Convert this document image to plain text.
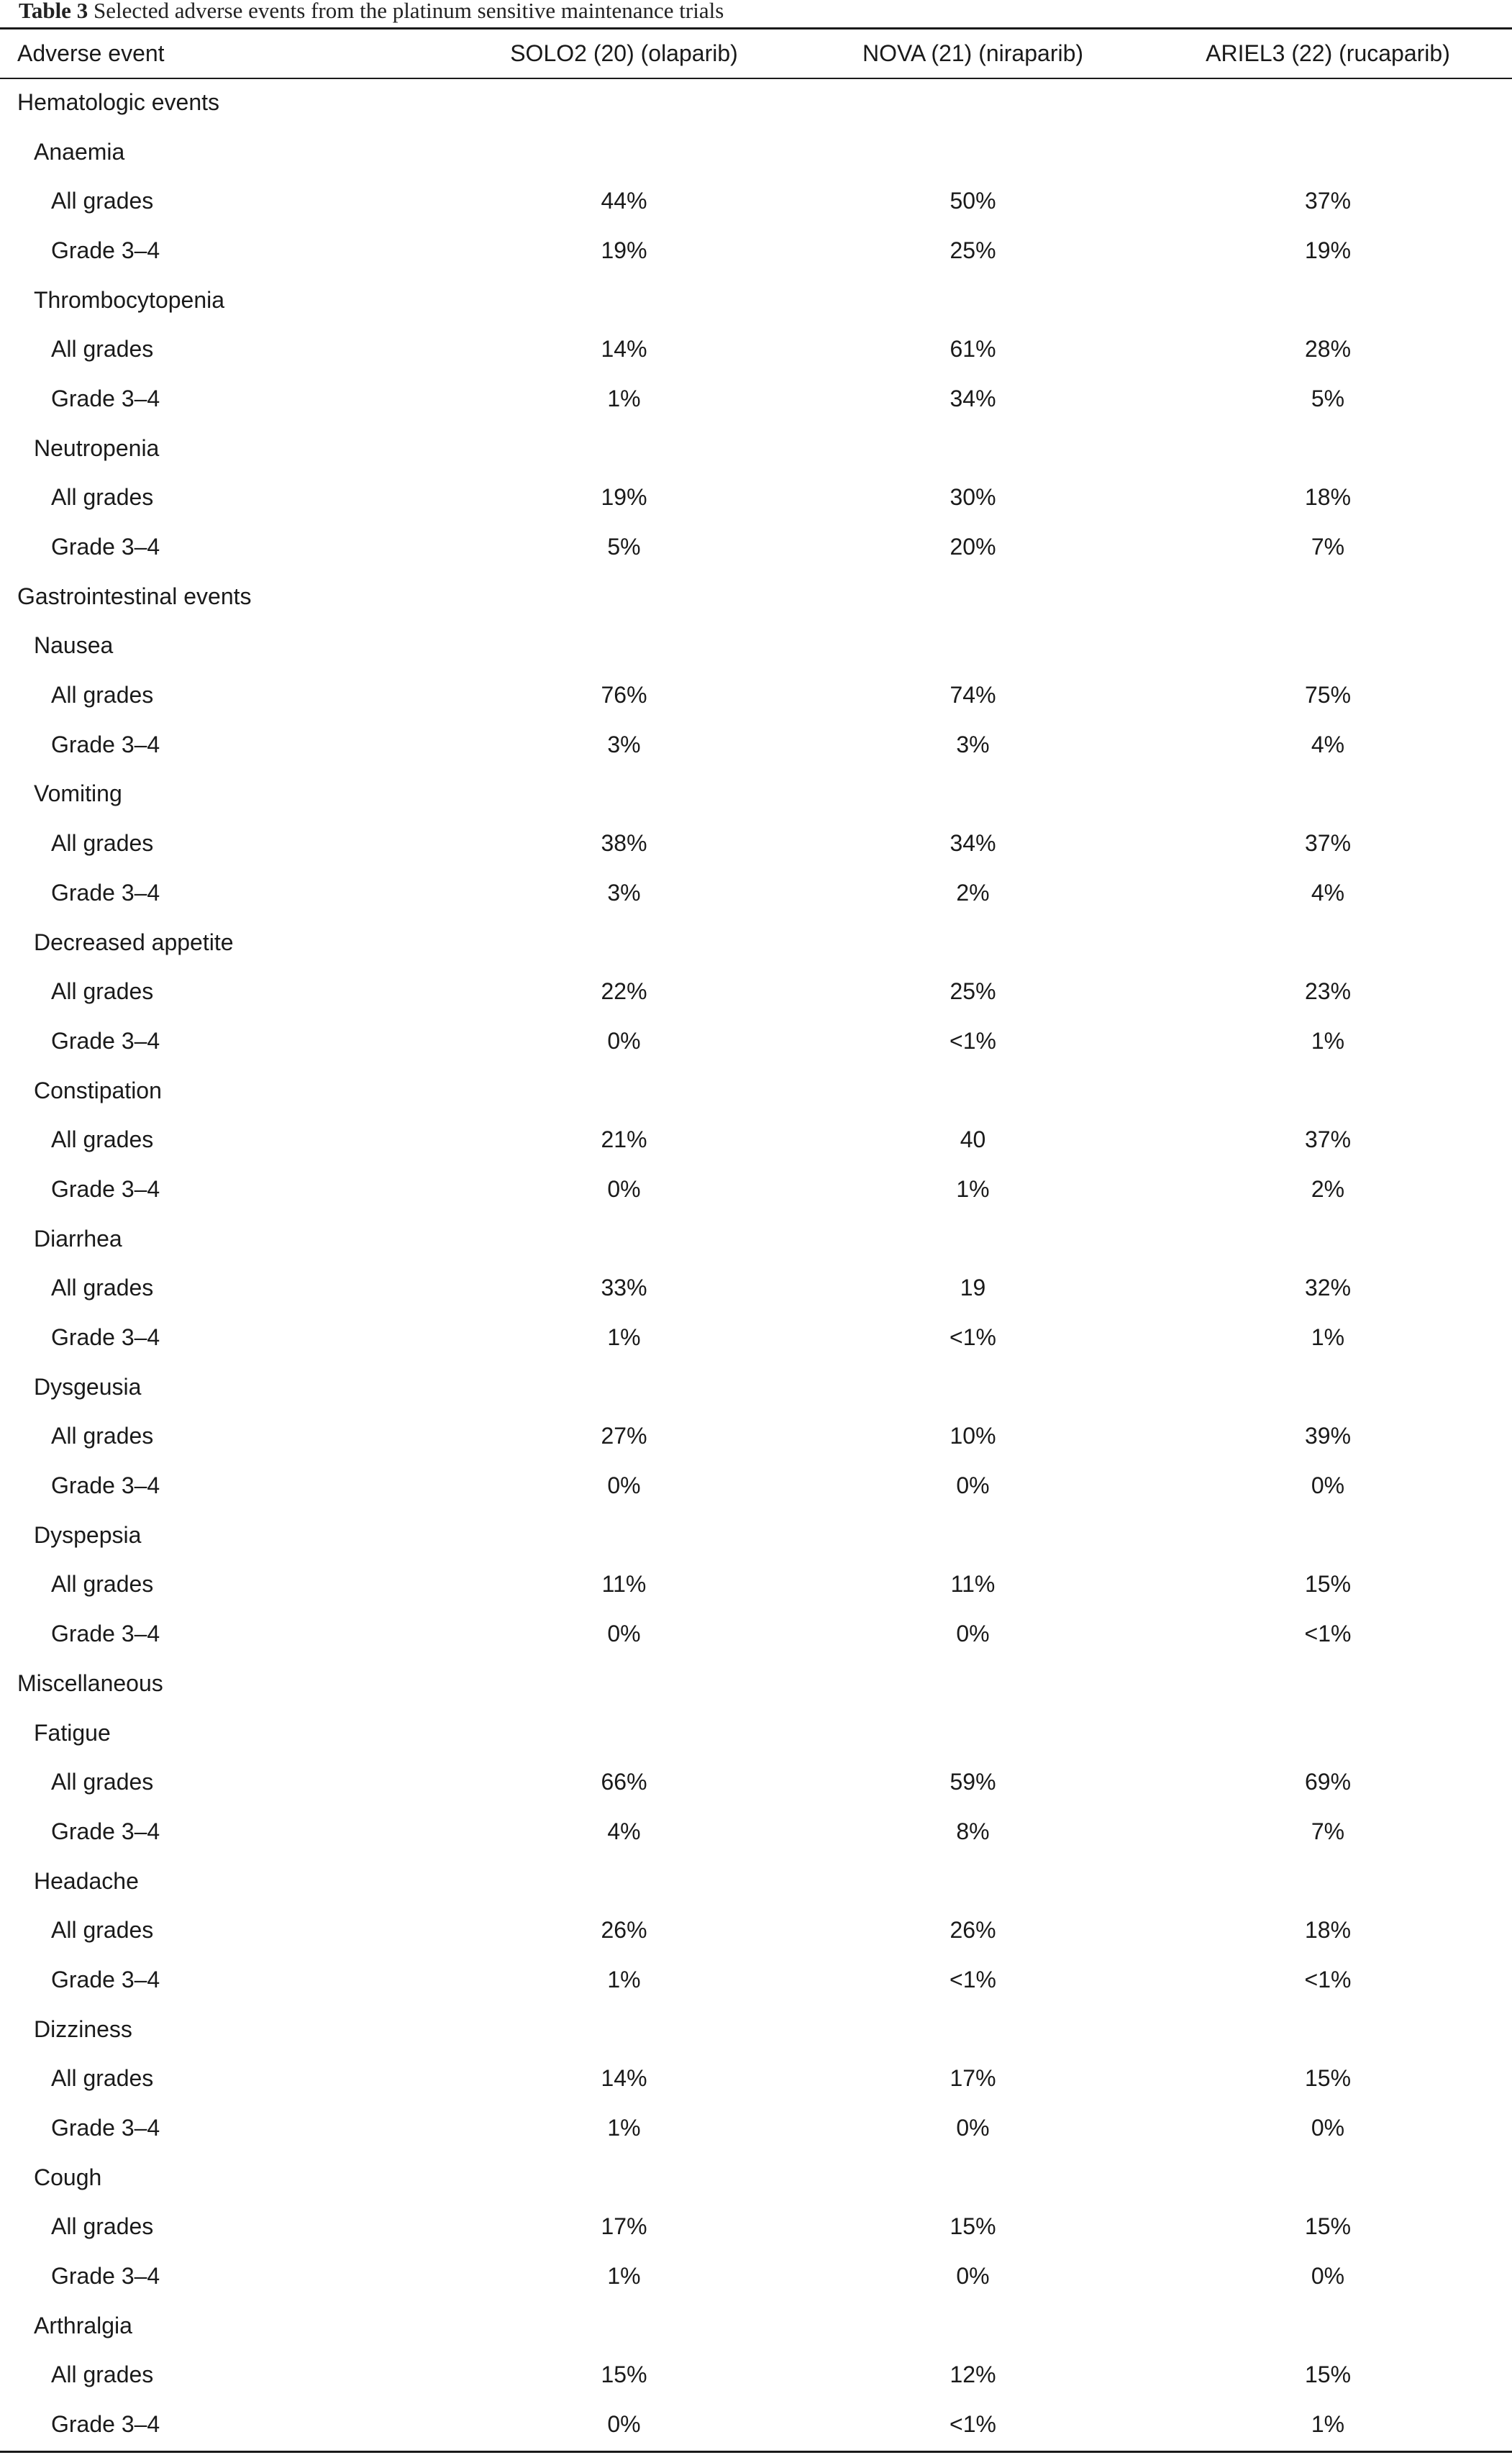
Table 3 Selected adverse events from the platinum sensitive maintenance trials
Adverse event	SOLO2 (20) (olaparib)	NOVA (21) (niraparib)	ARIEL3 (22) (rucaparib)
Hematologic events			
Anaemia			
All grades	44%	50%	37%
Grade 3–4	19%	25%	19%
Thrombocytopenia			
All grades	14%	61%	28%
Grade 3–4	1%	34%	5%
Neutropenia			
All grades	19%	30%	18%
Grade 3–4	5%	20%	7%
Gastrointestinal events			
Nausea			
All grades	76%	74%	75%
Grade 3–4	3%	3%	4%
Vomiting			
All grades	38%	34%	37%
Grade 3–4	3%	2%	4%
Decreased appetite			
All grades	22%	25%	23%
Grade 3–4	0%	<1%	1%
Constipation			
All grades	21%	40	37%
Grade 3–4	0%	1%	2%
Diarrhea			
All grades	33%	19	32%
Grade 3–4	1%	<1%	1%
Dysgeusia			
All grades	27%	10%	39%
Grade 3–4	0%	0%	0%
Dyspepsia			
All grades	11%	11%	15%
Grade 3–4	0%	0%	<1%
Miscellaneous			
Fatigue			
All grades	66%	59%	69%
Grade 3–4	4%	8%	7%
Headache			
All grades	26%	26%	18%
Grade 3–4	1%	<1%	<1%
Dizziness			
All grades	14%	17%	15%
Grade 3–4	1%	0%	0%
Cough			
All grades	17%	15%	15%
Grade 3–4	1%	0%	0%
Arthralgia			
All grades	15%	12%	15%
Grade 3–4	0%	<1%	1%
